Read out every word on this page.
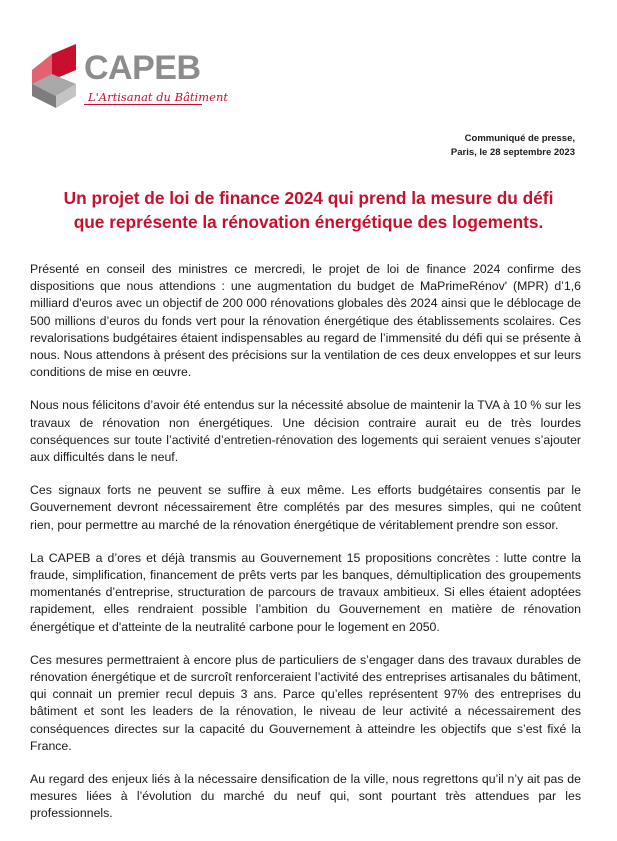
CAPEB
L'Artisanat du Bâtiment
Communiqué de presse,
Paris, le 28 septembre 2023
Un projet de loi de finance 2024 qui prend la mesure du défi
que représente la rénovation énergétique des logements.

Présenté en conseil des ministres ce mercredi, le projet de loi de finance 2024 confirme des dispositions que nous attendions : une augmentation du budget de MaPrimeRénov' (MPR) d’1,6 milliard d'euros avec un objectif de 200 000 rénovations globales dès 2024 ainsi que le déblocage de 500 millions d’euros du fonds vert pour la rénovation énergétique des établissements scolaires. Ces revalorisations budgétaires étaient indispensables au regard de l’immensité du défi qui se présente à nous. Nous attendons à présent des précisions sur la ventilation de ces deux enveloppes et sur leurs conditions de mise en œuvre.

Nous nous félicitons d’avoir été entendus sur la nécessité absolue de maintenir la TVA à 10 % sur les travaux de rénovation non énergétiques. Une décision contraire aurait eu de très lourdes conséquences sur toute l’activité d’entretien-rénovation des logements qui seraient venues s’ajouter aux difficultés dans le neuf.

Ces signaux forts ne peuvent se suffire à eux même. Les efforts budgétaires consentis par le Gouvernement devront nécessairement être complétés par des mesures simples, qui ne coûtent rien, pour permettre au marché de la rénovation énergétique de véritablement prendre son essor.

La CAPEB a d’ores et déjà transmis au Gouvernement 15 propositions concrètes : lutte contre la fraude, simplification, financement de prêts verts par les banques, démultiplication des groupements momentanés d’entreprise, structuration de parcours de travaux ambitieux. Si elles étaient adoptées rapidement, elles rendraient possible l’ambition du Gouvernement en matière de rénovation énergétique et d'atteinte de la neutralité carbone pour le logement en 2050.

Ces mesures permettraient à encore plus de particuliers de s’engager dans des travaux durables de rénovation énergétique et de surcroît renforceraient l’activité des entreprises artisanales du bâtiment, qui connait un premier recul depuis 3 ans. Parce qu’elles représentent 97% des entreprises du bâtiment et sont les leaders de la rénovation, le niveau de leur activité a nécessairement des conséquences directes sur la capacité du Gouvernement à atteindre les objectifs que s’est fixé la France.

Au regard des enjeux liés à la nécessaire densification de la ville, nous regrettons qu’il n’y ait pas de mesures liées à l’évolution du marché du neuf qui, sont pourtant très attendues par les professionnels.
